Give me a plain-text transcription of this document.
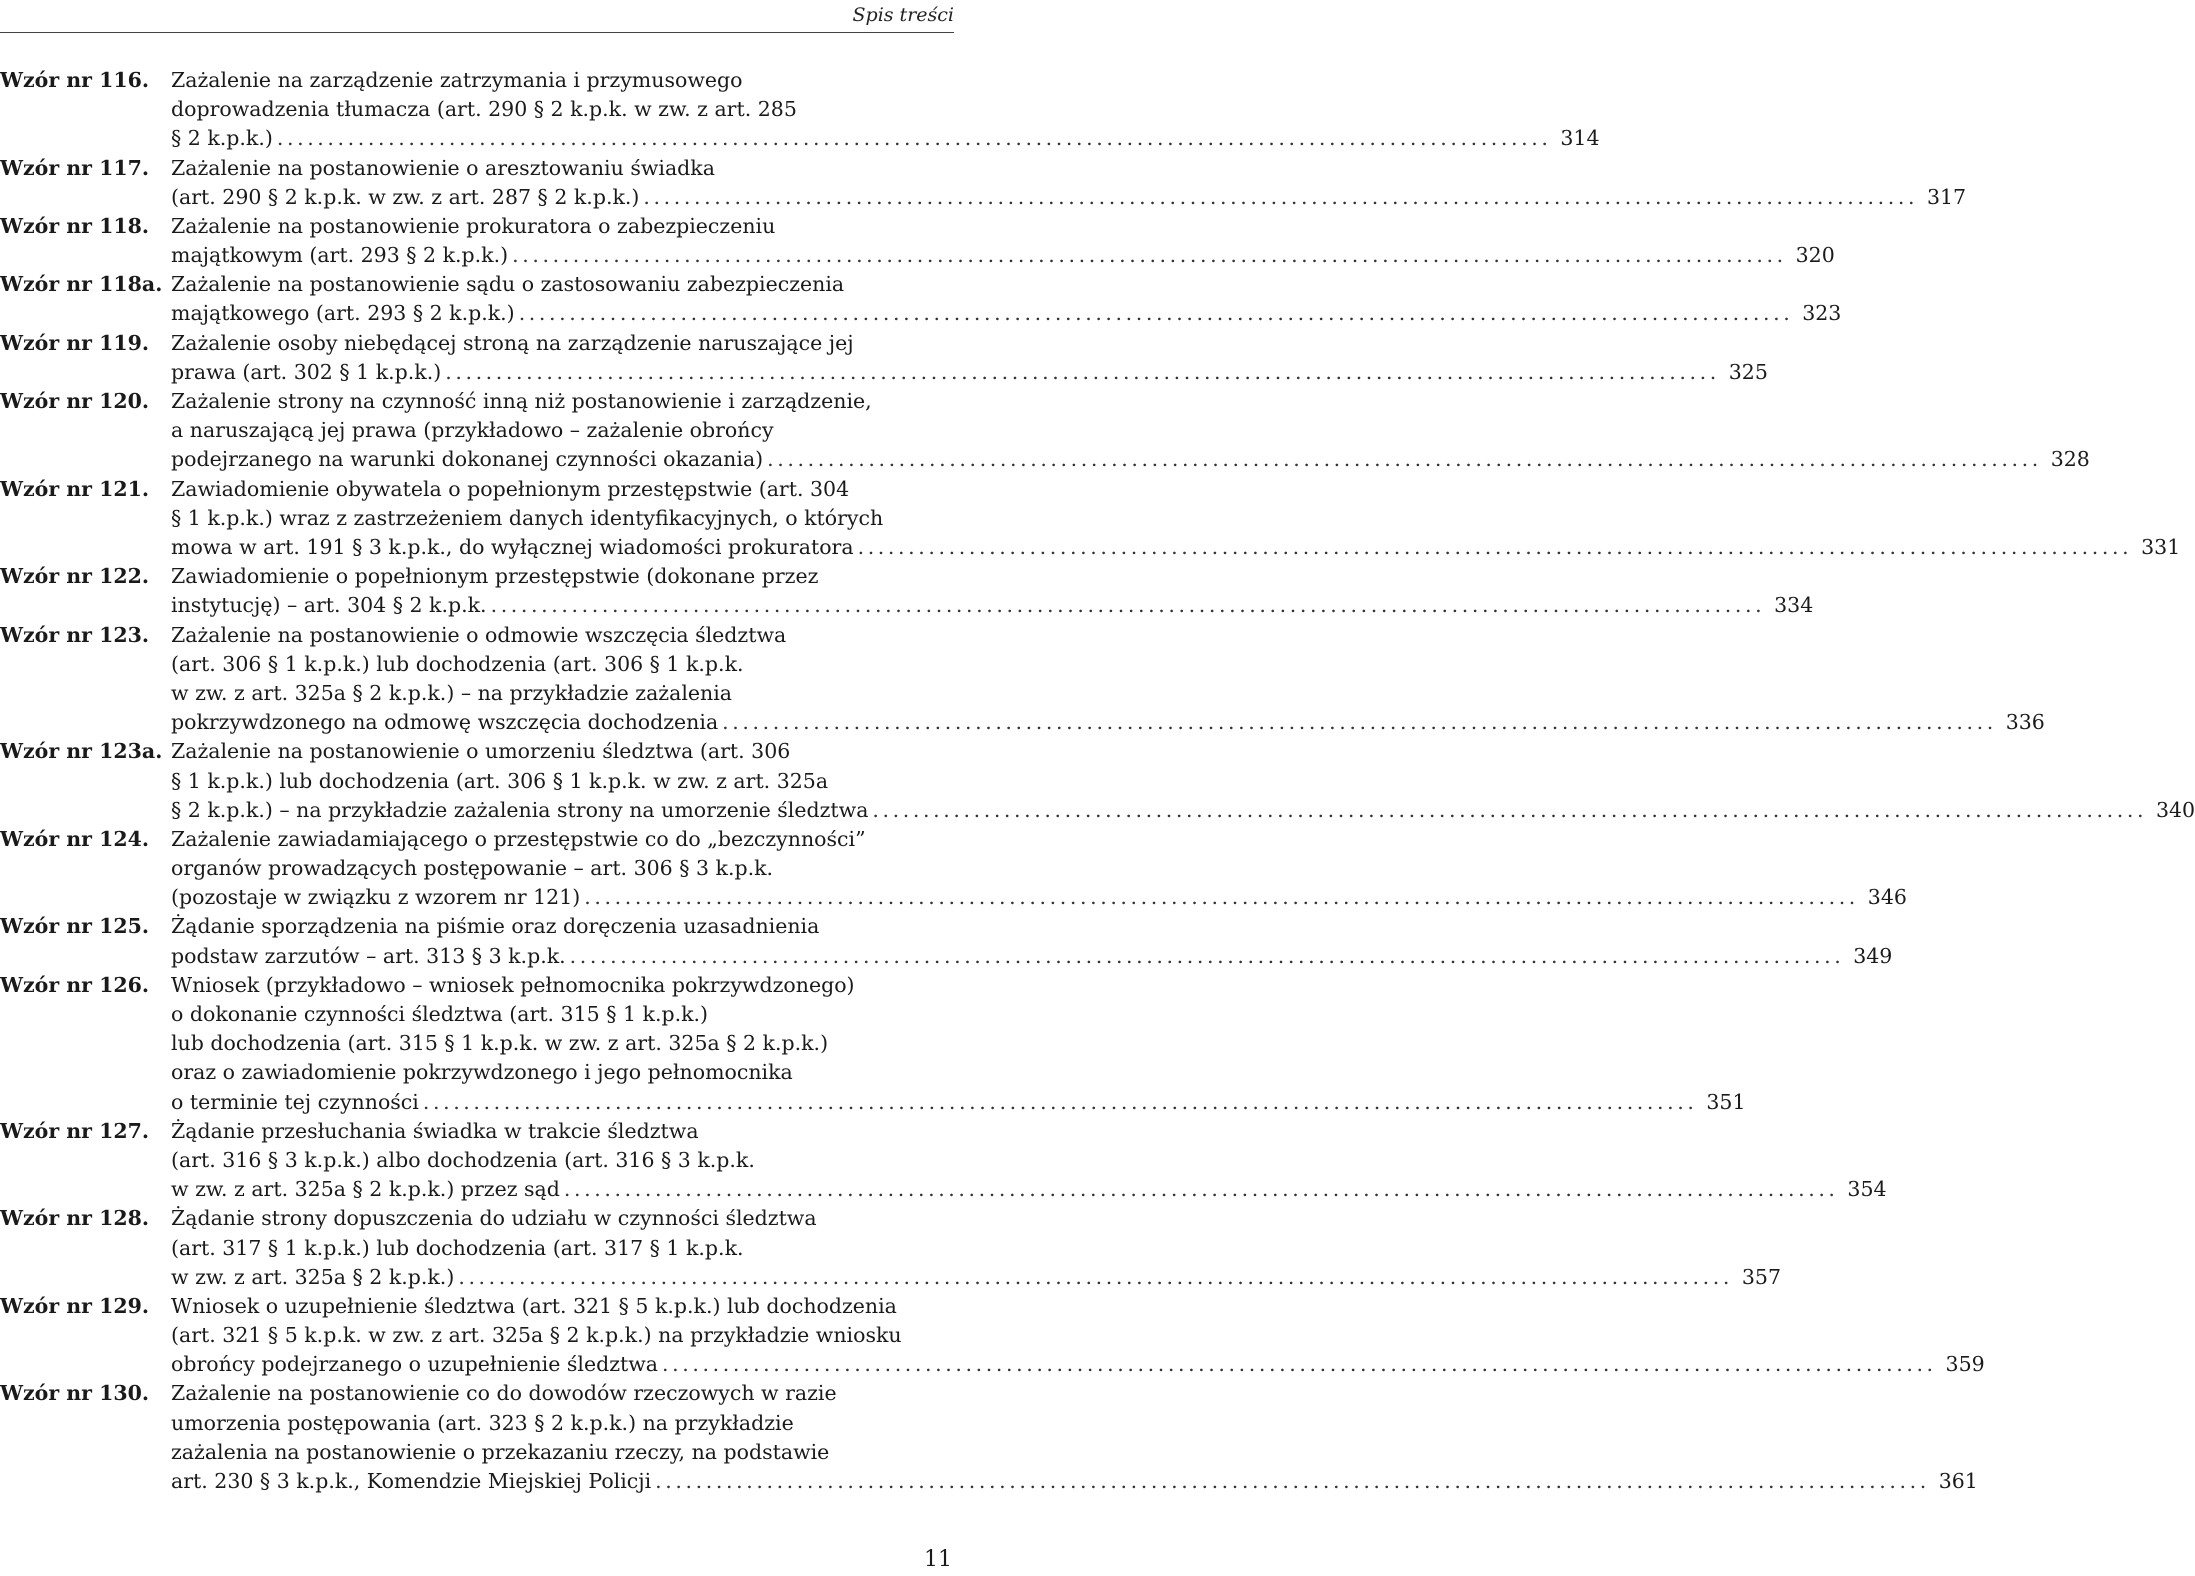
Spis treści
Wzór nr 116.	Zażalenie na zarządzenie zatrzymania i przymusowego
doprowadzenia tłumacza (art. 290 § 2 k.p.k. w zw. z art. 285
§ 2 k.p.k.) .............................................................................................................................. 314
Wzór nr 117.	Zażalenie na postanowienie o aresztowaniu świadka
(art. 290 § 2 k.p.k. w zw. z art. 287 § 2 k.p.k.) .............................................................................................................................. 317
Wzór nr 118.	Zażalenie na postanowienie prokuratora o zabezpieczeniu
majątkowym (art. 293 § 2 k.p.k.) .............................................................................................................................. 320
Wzór nr 118a. Zażalenie na postanowienie sądu o zastosowaniu zabezpieczenia
majątkowego (art. 293 § 2 k.p.k.) .............................................................................................................................. 323
Wzór nr 119.	Zażalenie osoby niebędącej stroną na zarządzenie naruszające jej
prawa (art. 302 § 1 k.p.k.) .............................................................................................................................. 325
Wzór nr 120.	Zażalenie strony na czynność inną niż postanowienie i zarządzenie,
a naruszającą jej prawa (przykładowo – zażalenie obrońcy
podejrzanego na warunki dokonanej czynności okazania) .............................................................................................................................. 328
Wzór nr 121.	Zawiadomienie obywatela o popełnionym przestępstwie (art. 304
§ 1 k.p.k.) wraz z zastrzeżeniem danych identyfikacyjnych, o których
mowa w art. 191 § 3 k.p.k., do wyłącznej wiadomości prokuratora .............................................................................................................................. 331
Wzór nr 122.	Zawiadomienie o popełnionym przestępstwie (dokonane przez
instytucję) – art. 304 § 2 k.p.k. .............................................................................................................................. 334
Wzór nr 123.	Zażalenie na postanowienie o odmowie wszczęcia śledztwa
(art. 306 § 1 k.p.k.) lub dochodzenia (art. 306 § 1 k.p.k.
w zw. z art. 325a § 2 k.p.k.) – na przykładzie zażalenia
pokrzywdzonego na odmowę wszczęcia dochodzenia .............................................................................................................................. 336
Wzór nr 123a. Zażalenie na postanowienie o umorzeniu śledztwa (art. 306
§ 1 k.p.k.) lub dochodzenia (art. 306 § 1 k.p.k. w zw. z art. 325a
§ 2 k.p.k.) – na przykładzie zażalenia strony na umorzenie śledztwa .............................................................................................................................. 340
Wzór nr 124.	Zażalenie zawiadamiającego o przestępstwie co do „bezczynności”
organów prowadzących postępowanie – art. 306 § 3 k.p.k.
(pozostaje w związku z wzorem nr 121) .............................................................................................................................. 346
Wzór nr 125.	Żądanie sporządzenia na piśmie oraz doręczenia uzasadnienia
podstaw zarzutów – art. 313 § 3 k.p.k. .............................................................................................................................. 349
Wzór nr 126.	Wniosek (przykładowo – wniosek pełnomocnika pokrzywdzonego)
o dokonanie czynności śledztwa (art. 315 § 1 k.p.k.)
lub dochodzenia (art. 315 § 1 k.p.k. w zw. z art. 325a § 2 k.p.k.)
oraz o zawiadomienie pokrzywdzonego i jego pełnomocnika
o terminie tej czynności .............................................................................................................................. 351
Wzór nr 127.	Żądanie przesłuchania świadka w trakcie śledztwa
(art. 316 § 3 k.p.k.) albo dochodzenia (art. 316 § 3 k.p.k.
w zw. z art. 325a § 2 k.p.k.) przez sąd .............................................................................................................................. 354
Wzór nr 128.	Żądanie strony dopuszczenia do udziału w czynności śledztwa
(art. 317 § 1 k.p.k.) lub dochodzenia (art. 317 § 1 k.p.k.
w zw. z art. 325a § 2 k.p.k.) .............................................................................................................................. 357
Wzór nr 129.	Wniosek o uzupełnienie śledztwa (art. 321 § 5 k.p.k.) lub dochodzenia
(art. 321 § 5 k.p.k. w zw. z art. 325a § 2 k.p.k.) na przykładzie wniosku
obrońcy podejrzanego o uzupełnienie śledztwa .............................................................................................................................. 359
Wzór nr 130.	Zażalenie na postanowienie co do dowodów rzeczowych w razie
umorzenia postępowania (art. 323 § 2 k.p.k.) na przykładzie
zażalenia na postanowienie o przekazaniu rzeczy, na podstawie
art. 230 § 3 k.p.k., Komendzie Miejskiej Policji .............................................................................................................................. 361
11
